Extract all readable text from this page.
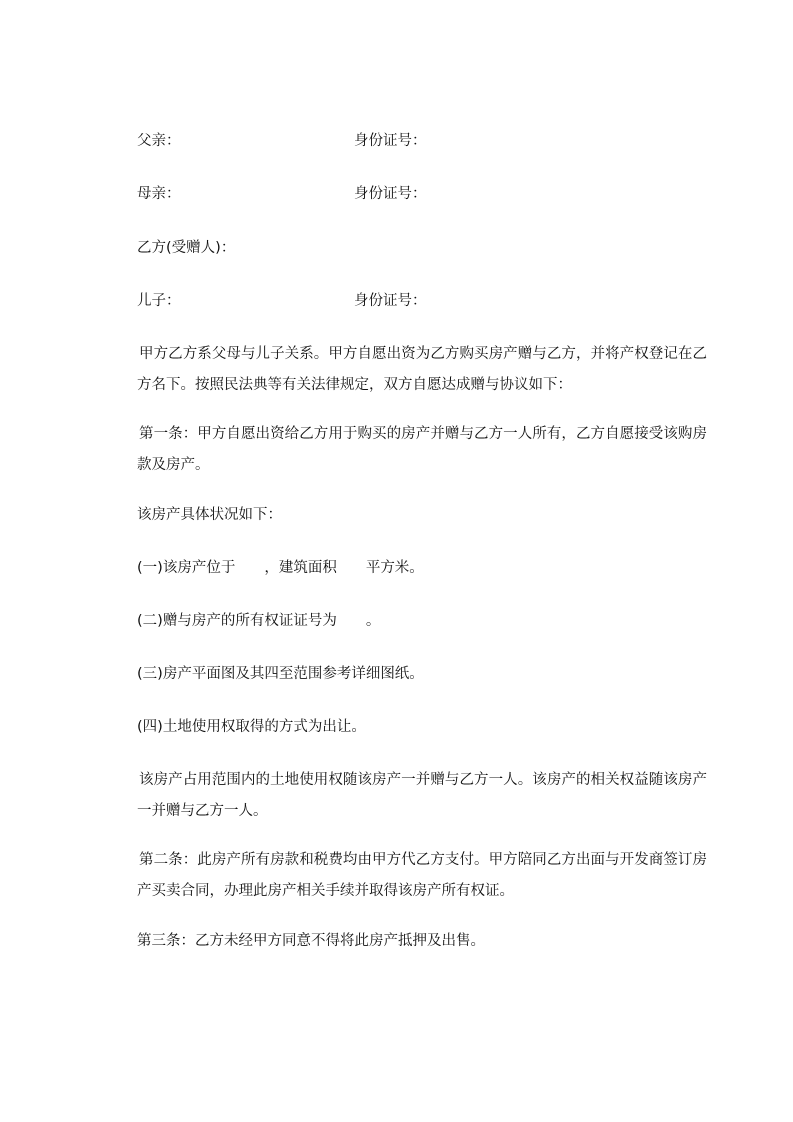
父亲：	身份证号：
母亲：	身份证号：
乙方(受赠人)：
儿子：	身份证号：
甲方乙方系父母与儿子关系。甲方自愿出资为乙方购买房产赠与乙方，并将产权登记在乙方名下。按照民法典等有关法律规定，双方自愿达成赠与协议如下：
第一条：甲方自愿出资给乙方用于购买的房产并赠与乙方一人所有，乙方自愿接受该购房款及房产。
该房产具体状况如下：
(一)该房产位于　　，建筑面积　　平方米。
(二)赠与房产的所有权证证号为　　。
(三)房产平面图及其四至范围参考详细图纸。
(四)土地使用权取得的方式为出让。
该房产占用范围内的土地使用权随该房产一并赠与乙方一人。该房产的相关权益随该房产一并赠与乙方一人。
第二条：此房产所有房款和税费均由甲方代乙方支付。甲方陪同乙方出面与开发商签订房产买卖合同，办理此房产相关手续并取得该房产所有权证。
第三条：乙方未经甲方同意不得将此房产抵押及出售。
